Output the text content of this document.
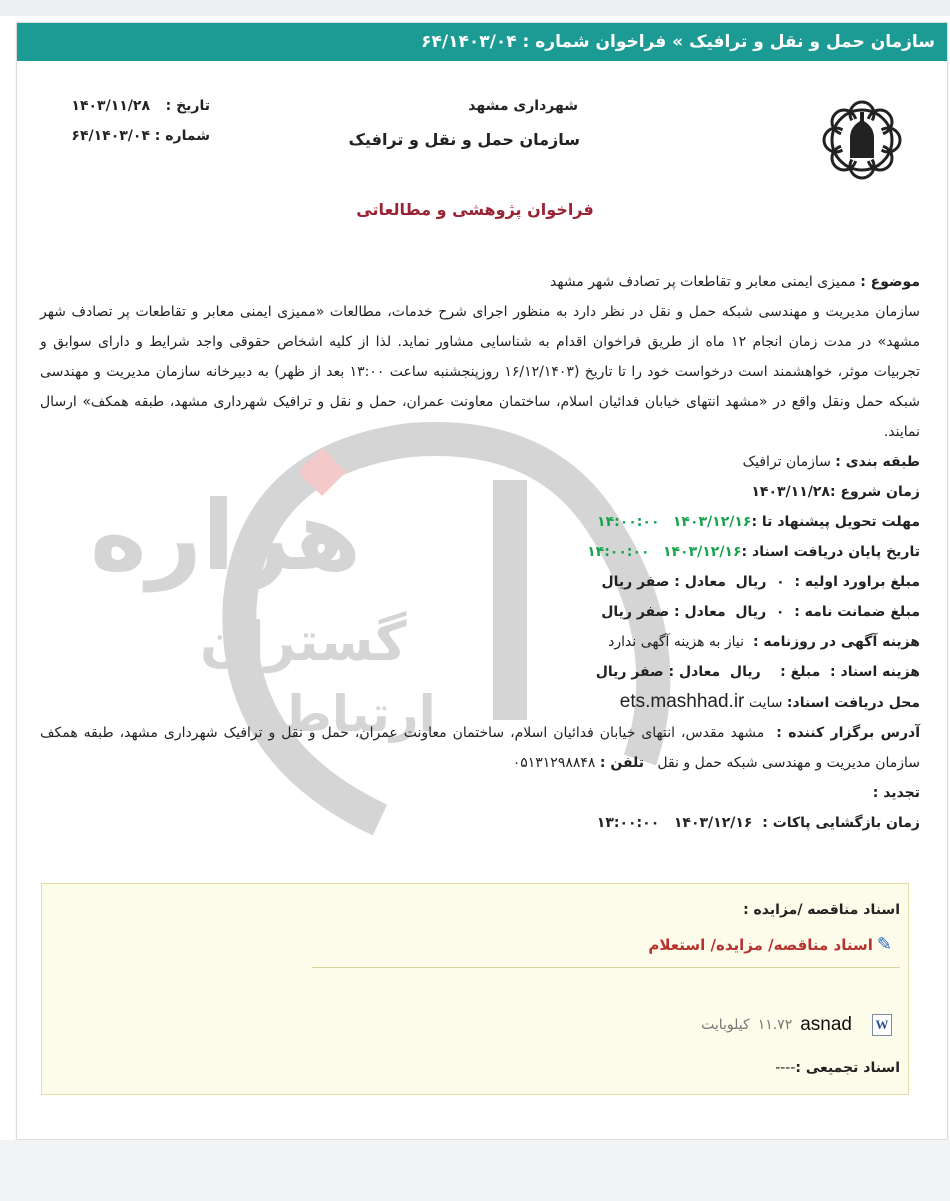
سازمان حمل و نقل و ترافیک » فراخوان شماره : ۶۴/۱۴۰۳/۰۴
شهرداری مشهد
سازمان حمل و نقل و ترافیک
تاریخ :۱۴۰۳/۱۱/۲۸
شماره :۶۴/۱۴۰۳/۰۴
فراخوان پژوهشی و مطالعاتی
هزاره
گستران
ارتباط

موضوع : ممیزی ایمنی معابر و تقاطعات پر تصادف شهر مشهد

سازمان مدیریت و مهندسی شبکه حمل و نقل در نظر دارد به منظور اجرای شرح خدمات، مطالعات «ممیزی ایمنی معابر و تقاطعات پر تصادف شهر مشهد» در مدت زمان انجام ۱۲ ماه از طریق فراخوان اقدام به شناسایی مشاور نماید. لذا از کلیه اشخاص حقوقی واجد شرایط و دارای سوابق و تجربیات موثر، خواهشمند است درخواست خود را تا تاریخ (۱۶/۱۲/۱۴۰۳ روزپنجشنبه ساعت ۱۳:۰۰ بعد از ظهر) به دبیرخانه سازمان مدیریت و مهندسی شبکه حمل ونقل واقع در «مشهد انتهای خیابان فدائیان اسلام، ساختمان معاونت عمران، حمل و نقل و ترافیک شهرداری مشهد، طبقه همکف» ارسال نمایند.

طبقه بندی : سازمان ترافیک

زمان شروع :۱۴۰۳/۱۱/۲۸

مهلت تحویل پیشنهاد تا :۱۴۰۳/۱۲/۱۶   ۱۴:۰۰:۰۰

تاریخ پایان دریافت اسناد :۱۴۰۳/۱۲/۱۶   ۱۴:۰۰:۰۰

مبلغ براورد اولیه :  ۰  ریال  معادل : صفر ریال

مبلغ ضمانت نامه :  ۰  ریال  معادل : صفر ریال

هزینه آگهی در روزنامه :  نیاز به هزینه آگهی ندارد

هزینه اسناد :  مبلغ :    ریال  معادل : صفر ریال

محل دریافت اسناد: سایت ets.mashhad.ir

آدرس برگزار کننده :  مشهد مقدس، انتهای خیابان فدائیان اسلام، ساختمان معاونت عمران، حمل و نقل و ترافیک شهرداری مشهد، طبقه همکف سازمان مدیریت و مهندسی شبکه حمل و نقل   تلفن : ۰۵۱۳۱۲۹۸۸۴۸

تجدید :

زمان بازگشایی پاکات :  ۱۴۰۳/۱۲/۱۶   ۱۳:۰۰:۰۰

اسناد مناقصه /مزایده :
✎اسناد مناقصه/ مزایده/ استعلام
W
asnad
۱۱.۷۲
کیلوبایت
اسناد تجمیعی :----
